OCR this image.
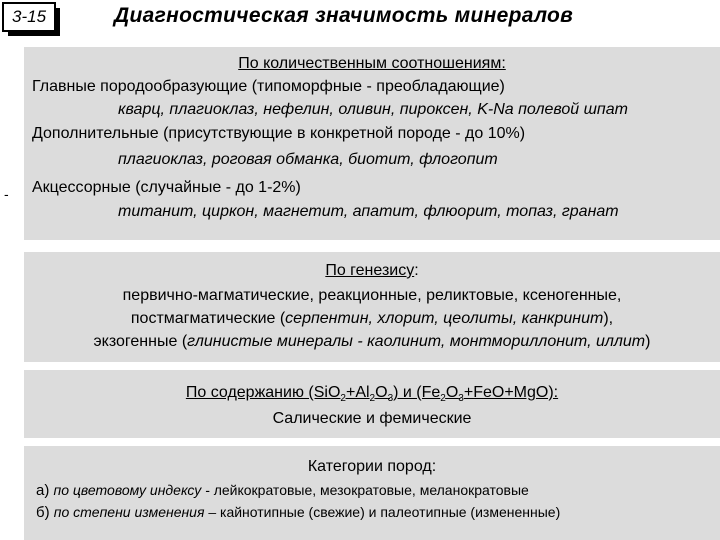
3-15	Диагностическая значимость минералов
-
По количественным соотношениям:
Главные породообразующие (типоморфные - преобладающие)
кварц, плагиоклаз, нефелин, оливин, пироксен, K-Na полевой шпат
Дополнительные (присутствующие в конкретной породе - до 10%)
плагиоклаз, роговая обманка, биотит, флогопит
Акцессорные (случайные - до 1-2%)
титанит, циркон, магнетит, апатит, флюорит, топаз, гранат
По генезису:
первично-магматические, реакционные, реликтовые, ксеногенные,
постмагматические (серпентин, хлорит, цеолиты, канкринит),
экзогенные (глинистые минералы - каолинит, монтмориллонит, иллит)
По содержанию $(SiO_2+Al_2O_3)$ и $(Fe_2O_3+FeO+MgO)$:
Салические и фемические
Категории пород:
а) по цветовому индексу - лейкократовые, мезократовые, меланократовые
б) по степени изменения – кайнотипные (свежие) и палеотипные (измененные)
